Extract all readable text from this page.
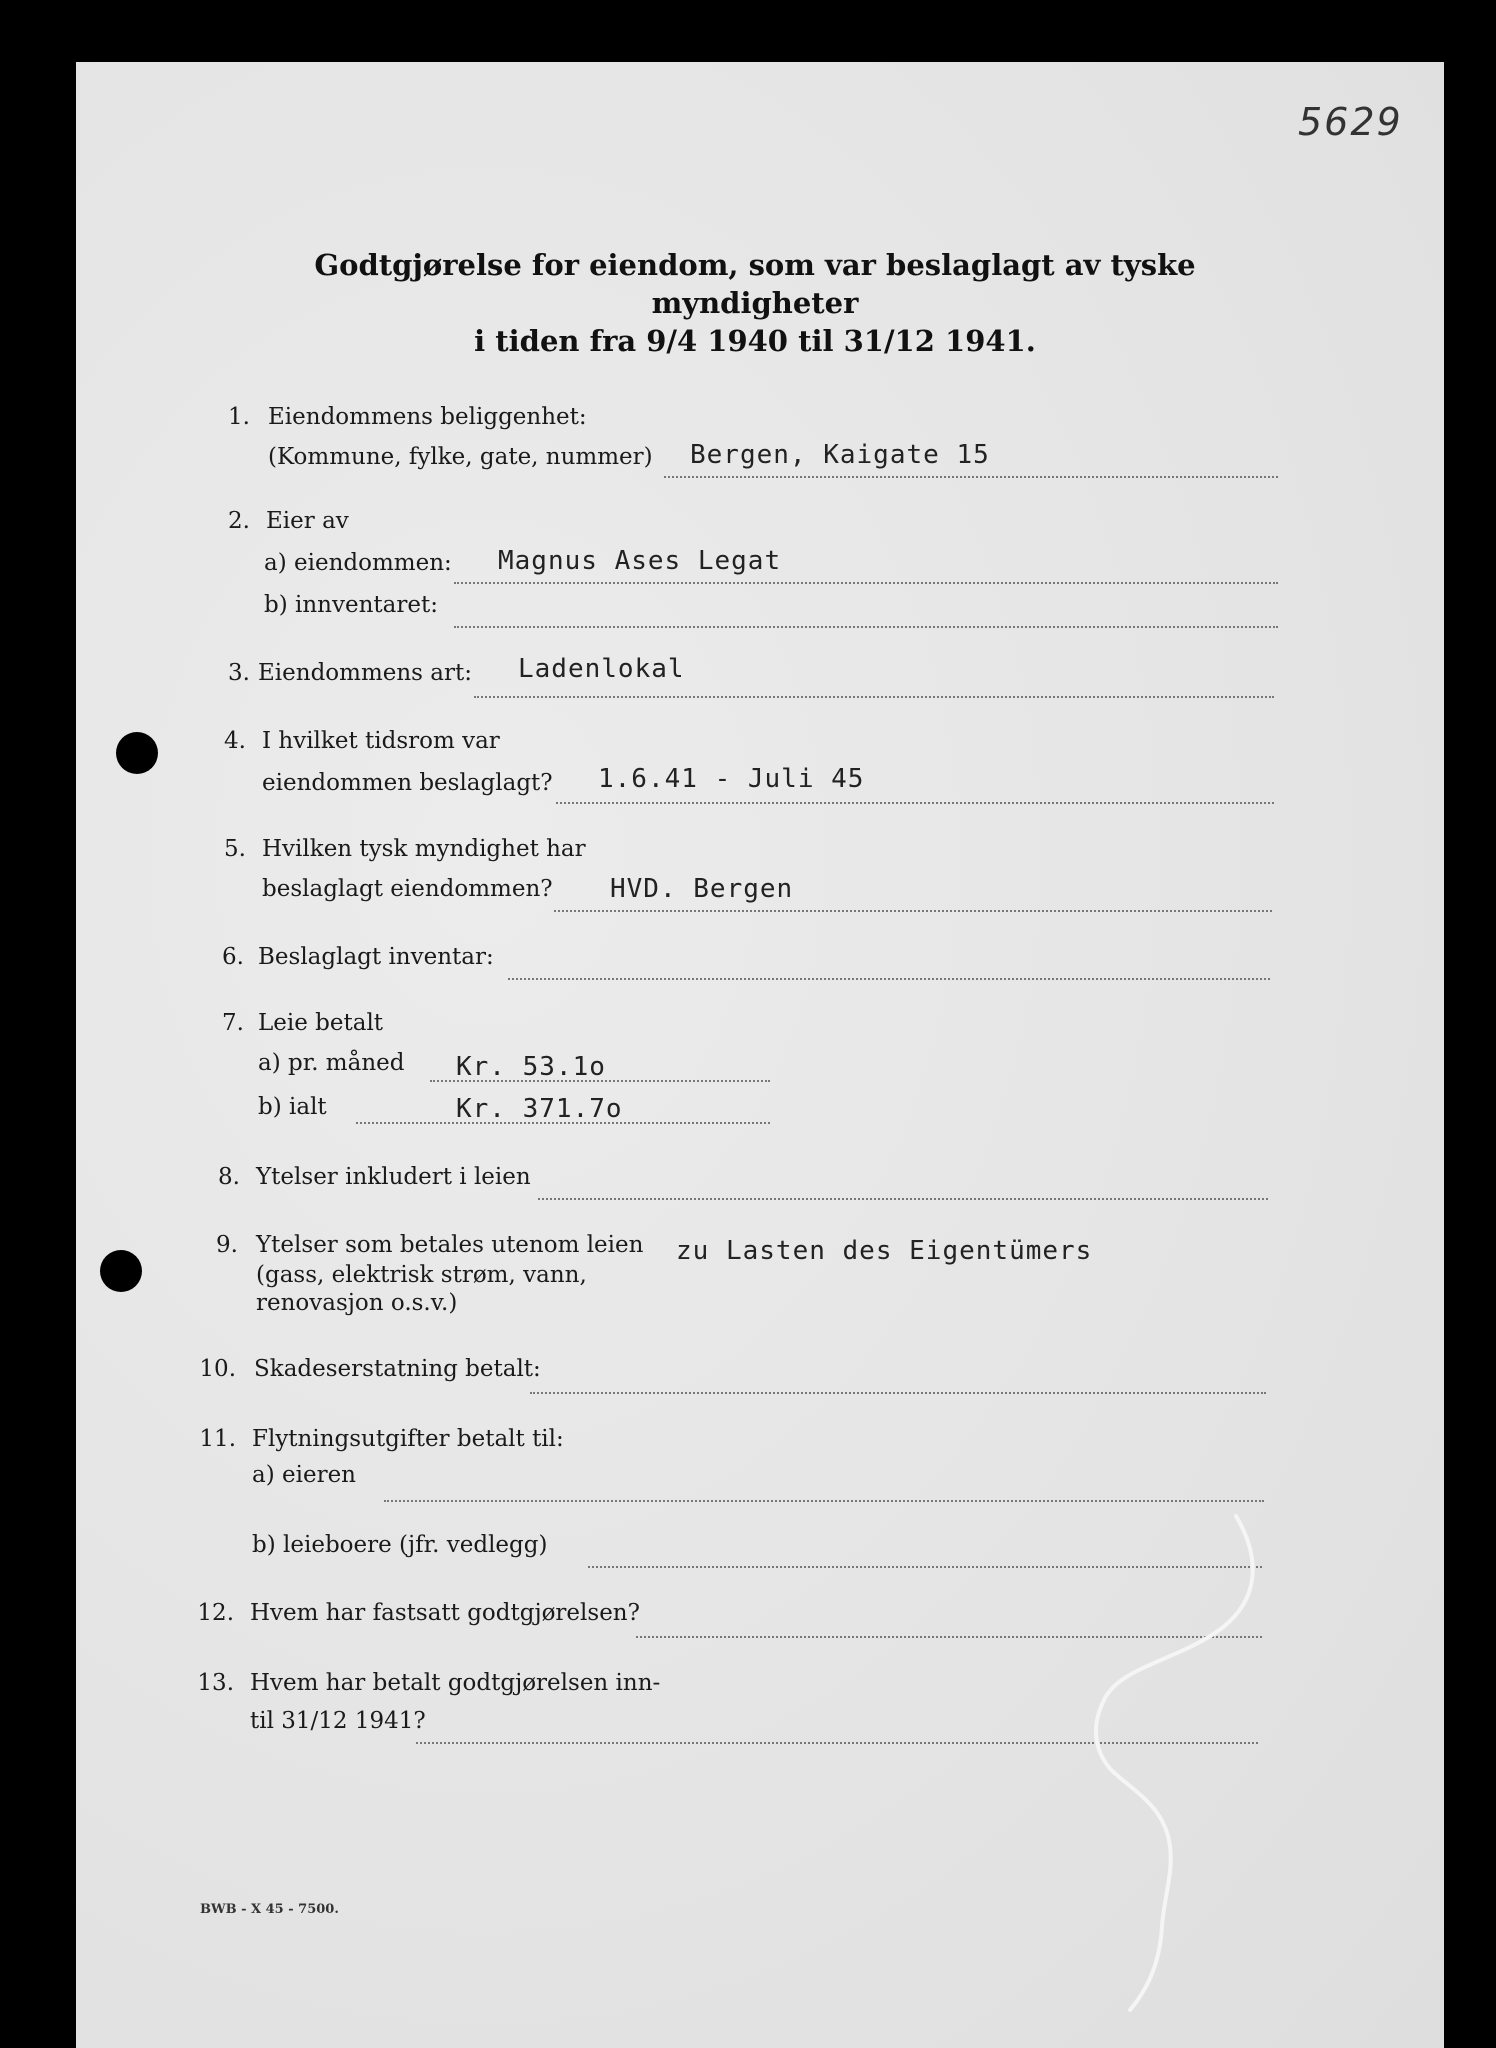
5629
Godtgjørelse for eiendom, som var beslaglagt av tyske myndigheter
i tiden fra 9/4 1940 til 31/12 1941.
1. Eiendommens beliggenhet:
(Kommune, fylke, gate, nummer) Bergen, Kaigate 15
2. Eier av
a) eiendommen: Magnus Ases Legat
b) innventaret:
3. Eiendommens art: Ladenlokal
4. I hvilket tidsrom var
eiendommen beslaglagt? 1.6.41 - Juli 45
5. Hvilken tysk myndighet har
beslaglagt eiendommen? HVD. Bergen
6. Beslaglagt inventar:
7. Leie betalt
a) pr. måned Kr. 53.1o
b) ialt	Kr. 371.7o
8. Ytelser inkludert i leien
9. Ytelser som betales utenom leien
(gass, elektrisk strøm, vann,
renovasjon o.s.v.)
zu Lasten des Eigentümers
10. Skadeserstatning betalt:
11. Flytningsutgifter betalt til:
a) eieren
b) leieboere (jfr. vedlegg)
12. Hvem har fastsatt godtgjørelsen?
13. Hvem har betalt godtgjørelsen inn-
til 31/12 1941?
BWB - X 45 - 7500.
